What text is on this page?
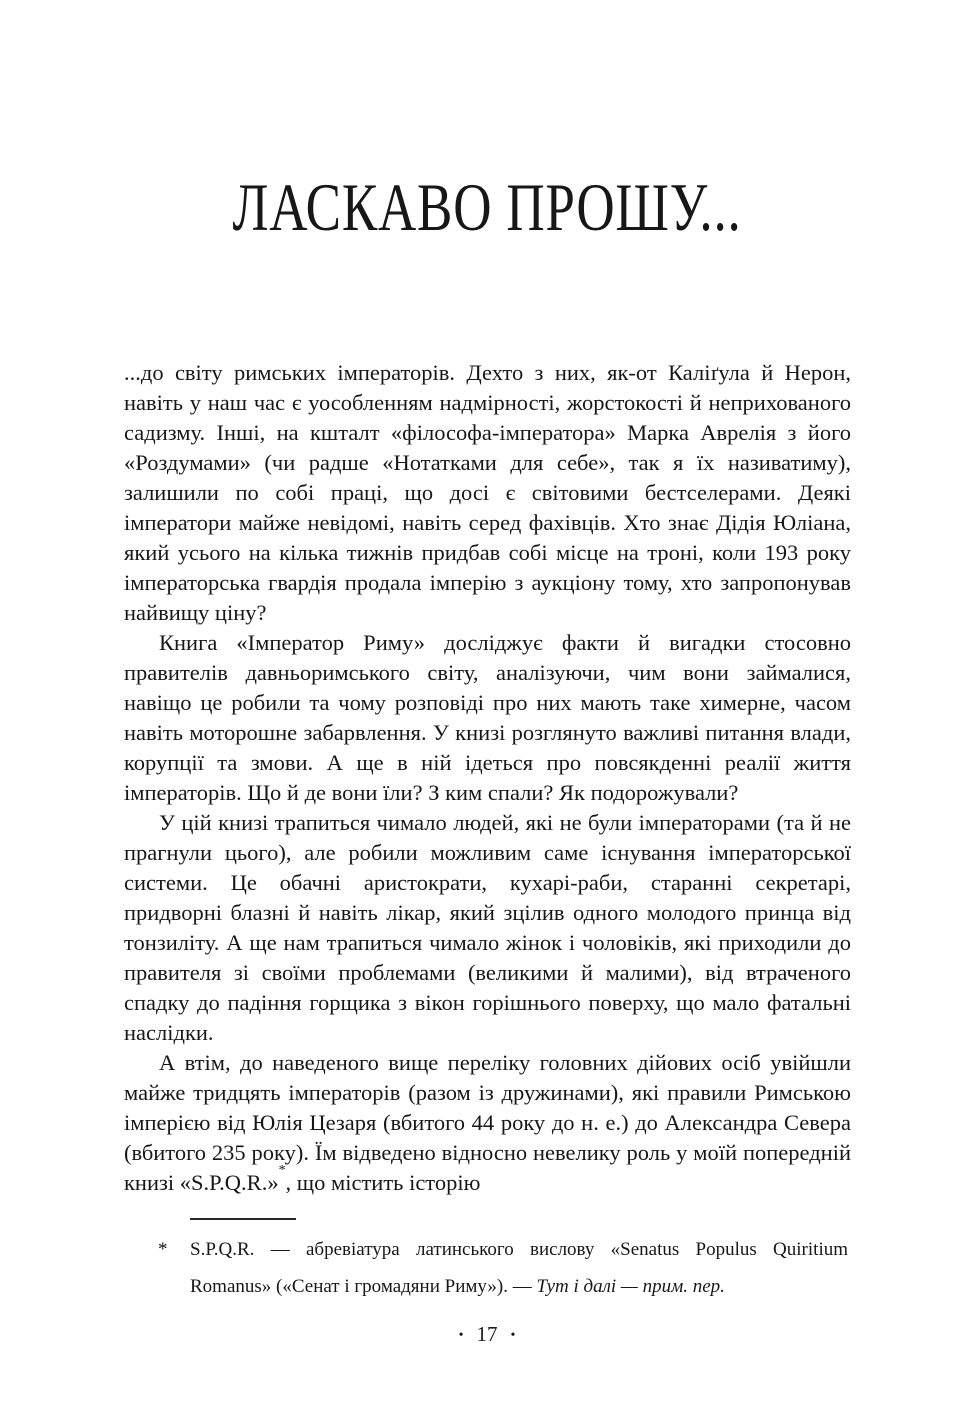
ЛАСКАВО ПРОШУ...

...до світу римських імператорів. Дехто з них, як-от Каліґула й Нерон, навіть у наш час є уособленням надмірності, жорстокості й неприхованого садизму. Інші, на кшталт «філософа-імператора» Марка Аврелія з його «Роздумами» (чи радше «Нотатками для себе», так я їх називатиму), залишили по собі праці, що досі є світовими бестселерами. Деякі імператори майже невідомі, навіть серед фахівців. Хто знає Дідія Юліана, який усього на кілька тижнів придбав собі місце на троні, коли 193 року імператорська гвардія продала імперію з аукціону тому, хто запропонував найвищу ціну?

Книга «Імператор Риму» досліджує факти й вигадки стосовно правителів давньоримського світу, аналізуючи, чим вони займалися, навіщо це робили та чому розповіді про них мають таке химерне, часом навіть моторошне забарвлення. У книзі розглянуто важливі питання влади, корупції та змови. А ще в ній ідеться про повсякденні реалії життя імператорів. Що й де вони їли? З ким спали? Як подорожували?

У цій книзі трапиться чимало людей, які не були імператорами (та й не прагнули цього), але робили можливим саме існування імператорської системи. Це обачні аристократи, кухарі-раби, старанні секретарі, придворні блазні й навіть лікар, який зцілив одного молодого принца від тонзиліту. А ще нам трапиться чимало жінок і чоловіків, які приходили до правителя зі своїми проблемами (великими й малими), від втраченого спадку до падіння горщика з вікон горішнього поверху, що мало фатальні наслідки.

А втім, до наведеного вище переліку головних дійових осіб увійшли майже тридцять імператорів (разом із дружинами), які правили Римською імперією від Юлія Цезаря (вбитого 44 року до н. е.) до Александра Севера (вбитого 235 року). Їм відведено відносно невелику роль у моїй попередній книзі «S.P.Q.R.»*, що містить історію

*	S.P.Q.R. — абревіатура латинського вислову «Senatus Populus Quiritium Romanus» («Сенат і громадяни Риму»). — Тут і далі — прим. пер.
• 17 •
